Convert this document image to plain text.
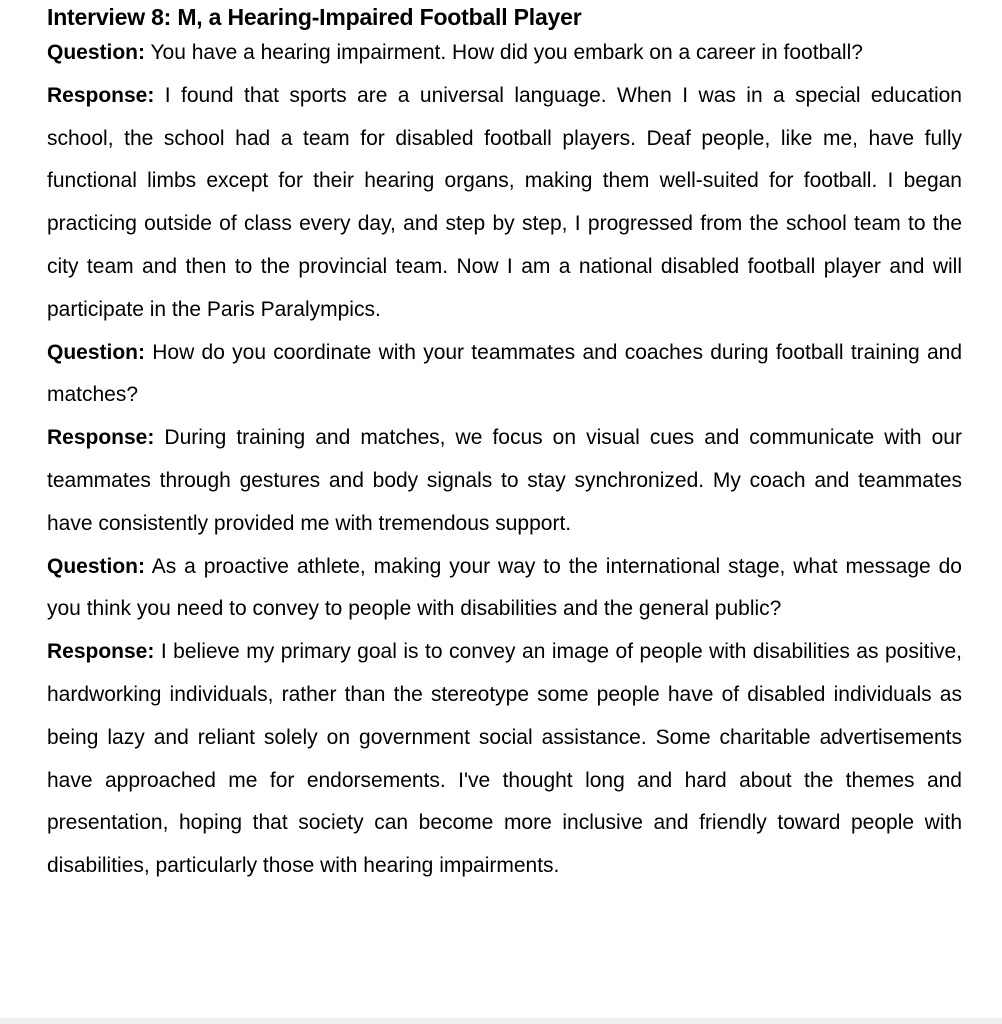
Interview 8: M, a Hearing-Impaired Football Player

Question: You have a hearing impairment. How did you embark on a career in football?

Response: I found that sports are a universal language. When I was in a special education school, the school had a team for disabled football players. Deaf people, like me, have fully functional limbs except for their hearing organs, making them well-suited for football. I began practicing outside of class every day, and step by step, I progressed from the school team to the city team and then to the provincial team. Now I am a national disabled football player and will participate in the Paris Paralympics.

Question: How do you coordinate with your teammates and coaches during football training and matches?

Response: During training and matches, we focus on visual cues and communicate with our teammates through gestures and body signals to stay synchronized. My coach and teammates have consistently provided me with tremendous support.

Question: As a proactive athlete, making your way to the international stage, what message do you think you need to convey to people with disabilities and the general public?

Response: I believe my primary goal is to convey an image of people with disabilities as positive, hardworking individuals, rather than the stereotype some people have of disabled individuals as being lazy and reliant solely on government social assistance. Some charitable advertisements have approached me for endorsements. I've thought long and hard about the themes and presentation, hoping that society can become more inclusive and friendly toward people with disabilities, particularly those with hearing impairments.
